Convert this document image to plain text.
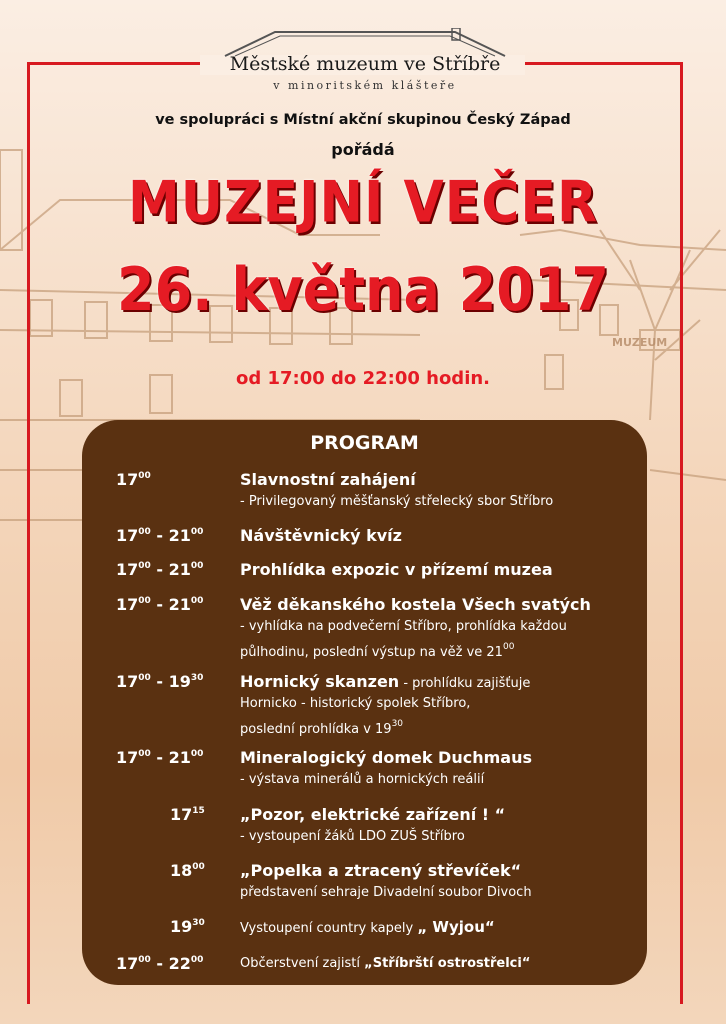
MUZEUM
Městské muzeum ve Stříbře
v minoritském klášteře
ve spolupráci s Místní akční skupinou Český Západ
pořádá
MUZEJNÍ VEČER
26. května 2017
od 17:00 do 22:00 hodin.
PROGRAM
$17^{00}$	Slavnostní zahájení
- Privilegovaný měšťanský střelecký sbor Stříbro
$17^{00} - 21^{00}$	Návštěvnický kvíz
$17^{00} - 21^{00}$	Prohlídka expozic v přízemí muzea
$17^{00} - 21^{00}$	Věž děkanského kostela Všech svatých
- vyhlídka na podvečerní Stříbro, prohlídka každou
půlhodinu, poslední výstup na věž ve $21^{00}$
$17^{00} - 19^{30}$	Hornický skanzen - prohlídku zajišťuje
Hornicko - historický spolek Stříbro,
poslední prohlídka v $19^{30}$
$17^{00} - 21^{00}$	Mineralogický domek Duchmaus
- výstava minerálů a hornických reálií
$17^{15}$	„Pozor, elektrické zařízení ! “
- vystoupení žáků LDO ZUŠ Stříbro
$18^{00}$	„Popelka a ztracený střevíček“
představení sehraje Divadelní soubor Divoch
$19^{30}$	Vystoupení country kapely „ Wyjou“
$17^{00} - 22^{00}$	Občerstvení zajistí „Stříbrští ostrostřelci“
